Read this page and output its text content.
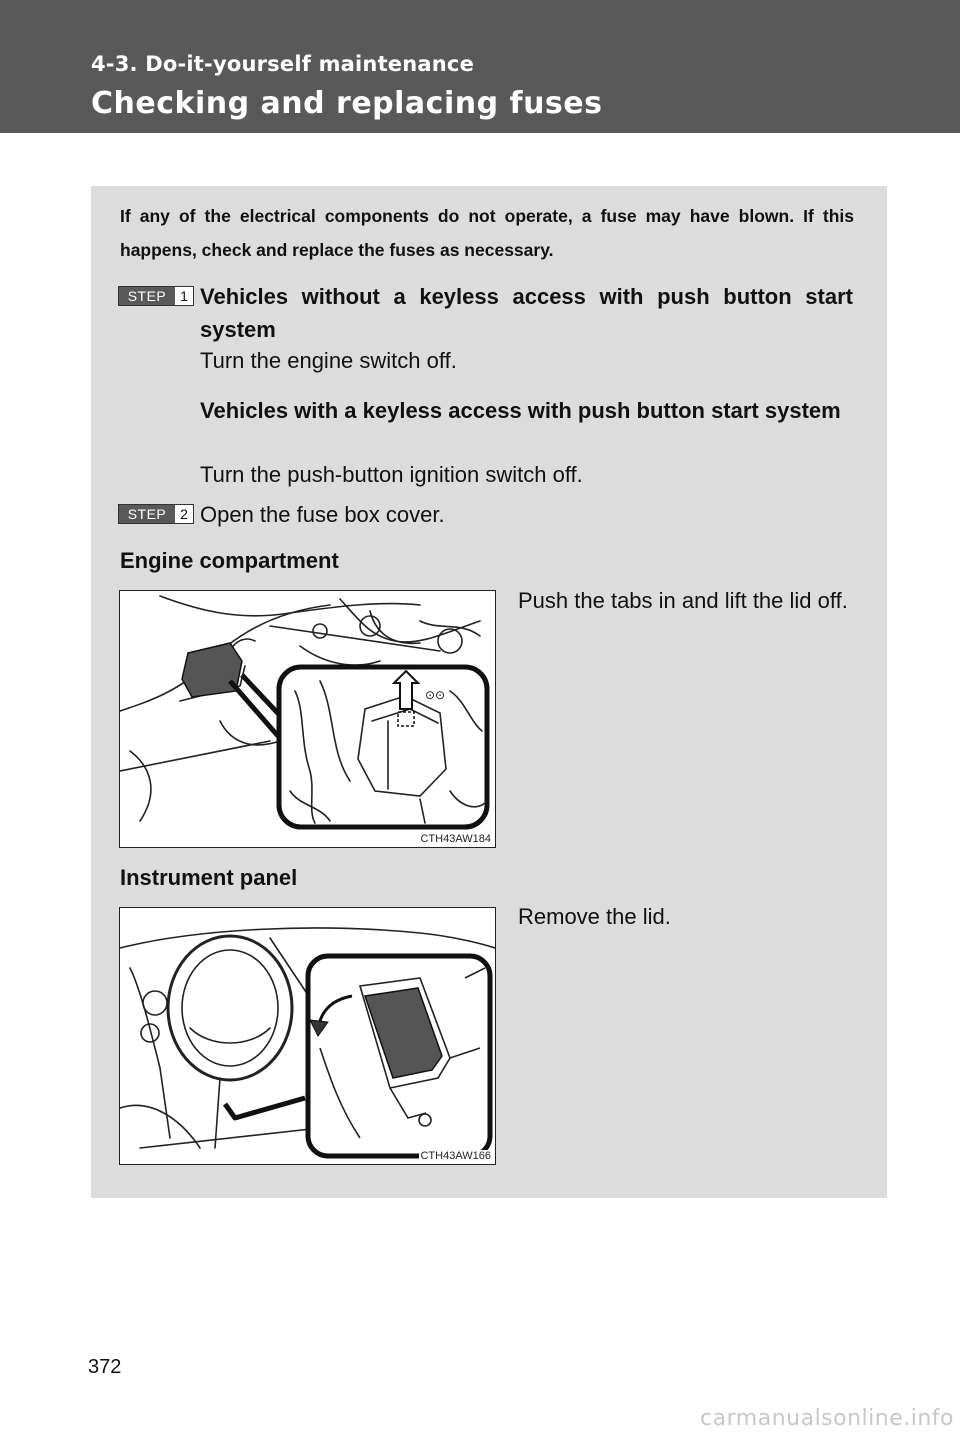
4-3. Do-it-yourself maintenance
Checking and replacing fuses
If any of the electrical components do not operate, a fuse may have blown. If this happens, check and replace the fuses as necessary.
STEP 1 Vehicles without a keyless access with push button start system
Turn the engine switch off.
Vehicles with a keyless access with push button start system
Turn the push-button ignition switch off.
STEP 2 Open the fuse box cover.
Engine compartment
⊙⊙
CTH43AW184
Push the tabs in and lift the lid off.
Instrument panel
CTH43AW166
Remove the lid.
372
carmanualsonline.info
